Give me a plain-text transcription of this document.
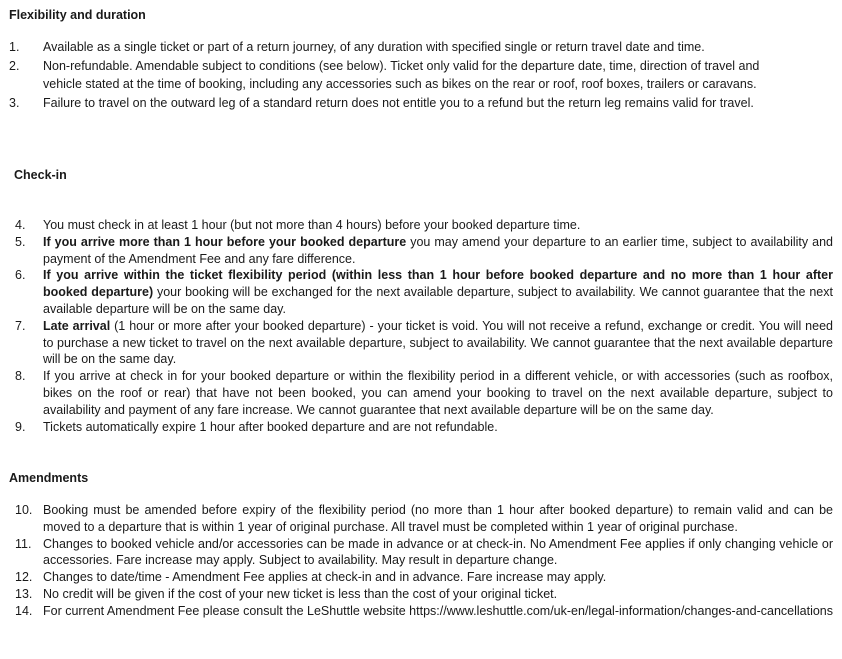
Flexibility and duration
1. Available as a single ticket or part of a return journey, of any duration with specified single or return travel date and time.
2. Non-refundable. Amendable subject to conditions (see below). Ticket only valid for the departure date, time, direction of travel and vehicle stated at the time of booking, including any accessories such as bikes on the rear or roof, roof boxes, trailers or caravans.
3. Failure to travel on the outward leg of a standard return does not entitle you to a refund but the return leg remains valid for travel.
Check-in
4. You must check in at least 1 hour (but not more than 4 hours) before your booked departure time.
5. If you arrive more than 1 hour before your booked departure you may amend your departure to an earlier time, subject to availability and payment of the Amendment Fee and any fare difference.
6. If you arrive within the ticket flexibility period (within less than 1 hour before booked departure and no more than 1 hour after booked departure) your booking will be exchanged for the next available departure, subject to availability. We cannot guarantee that the next available departure will be on the same day.
7. Late arrival (1 hour or more after your booked departure) - your ticket is void. You will not receive a refund, exchange or credit. You will need to purchase a new ticket to travel on the next available departure, subject to availability. We cannot guarantee that the next available departure will be on the same day.
8. If you arrive at check in for your booked departure or within the flexibility period in a different vehicle, or with accessories (such as roofbox, bikes on the roof or rear) that have not been booked, you can amend your booking to travel on the next available departure, subject to availability and payment of any fare increase. We cannot guarantee that next available departure will be on the same day.
9. Tickets automatically expire 1 hour after booked departure and are not refundable.
Amendments
10. Booking must be amended before expiry of the flexibility period (no more than 1 hour after booked departure) to remain valid and can be moved to a departure that is within 1 year of original purchase. All travel must be completed within 1 year of original purchase.
11. Changes to booked vehicle and/or accessories can be made in advance or at check-in. No Amendment Fee applies if only changing vehicle or accessories. Fare increase may apply. Subject to availability. May result in departure change.
12. Changes to date/time - Amendment Fee applies at check-in and in advance. Fare increase may apply.
13. No credit will be given if the cost of your new ticket is less than the cost of your original ticket.
14. For current Amendment Fee please consult the LeShuttle website https://www.leshuttle.com/uk-en/legal-information/changes-and-cancellations
